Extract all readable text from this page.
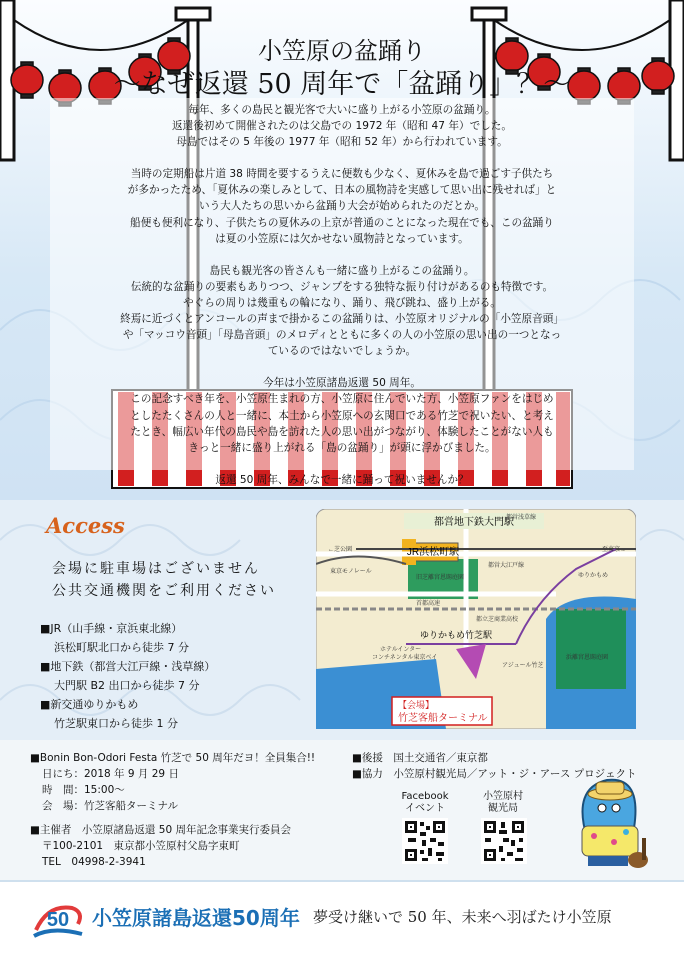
小笠原の盆踊り
〜なぜ返還 50 周年で「盆踊り」？〜

毎年、多くの島民と観光客で大いに盛り上がる小笠原の盆踊り。

返還後初めて開催されたのは父島での 1972 年（昭和 47 年）でした。

母島ではその 5 年後の 1977 年（昭和 52 年）から行われています。

当時の定期船は片道 38 時間を要するうえに便数も少なく、夏休みを島で過ごす子供たち

が多かったため、「夏休みの楽しみとして、日本の風物詩を実感して思い出に残せれば」と

いう大人たちの思いから盆踊り大会が始められたのだとか。

船便も便利になり、子供たちの夏休みの上京が普通のことになった現在でも、この盆踊り

は夏の小笠原には欠かせない風物詩となっています。

島民も観光客の皆さんも一緒に盛り上がるこの盆踊り。

伝統的な盆踊りの要素もありつつ、ジャンプをする独特な振り付けがあるのも特徴です。

やぐらの周りは幾重もの輪になり、踊り、飛び跳ね、盛り上がる。

終焉に近づくとアンコールの声まで掛かるこの盆踊りは、小笠原オリジナルの「小笠原音頭」

や「マッコウ音頭」「母島音頭」のメロディとともに多くの人の小笠原の思い出の一つとなっ

ているのではないでしょうか。

今年は小笠原諸島返還 50 周年。

この記念すべき年を、小笠原生まれの方、小笠原に住んでいた方、小笠原ファンをはじめ

としたたくさんの人と一緒に、本土から小笠原への玄関口である竹芝で祝いたい、と考え

たとき、幅広い年代の島民や島を訪れた人の思い出がつながり、体験したことがない人も

きっと一緒に盛り上がれる「島の盆踊り」が頭に浮かびました。

返還 50 周年、みんなで一緒に踊って祝いませんか？

Access
会場に駐車場はございません
公共交通機関をご利用ください
■JR（山手線・京浜東北線）
浜松町駅北口から徒歩 7 分
■地下鉄（都営大江戸線・浅草線）
大門駅 B2 出口から徒歩 7 分
■新交通ゆりかもめ
竹芝駅東口から徒歩 1 分
都営地下鉄大門駅
JR浜松町駅
ゆりかもめ竹芝駅
←芝公園	至東京→
東京モノレール
旧芝離宮恩賜庭園
都営大江戸線
ゆりかもめ
首都高速
都立芝商業高校
ホテルインター
コンチネンタル東京ベイ
アジュール竹芝
浜離宮恩賜庭園
都営浅草線
【会場】
竹芝客船ターミナル
■Bonin Bon-Odori Festa 竹芝で 50 周年だヨ！全員集合!!
日にち：2018 年 9 月 29 日
時　間：15:00～
会　場：竹芝客船ターミナル
■主催者　小笠原諸島返還 50 周年記念事業実行委員会
〒100-2101　東京都小笠原村父島字東町
TEL　04998-2-3941
■後援　国土交通省／東京都
■協力　小笠原村観光局／アット・ジ・アース プロジェクト
Facebook
イベント
小笠原村
観光局
50 小笠原諸島返還50周年 夢受け継いで 50 年、未来へ羽ばたけ小笠原
